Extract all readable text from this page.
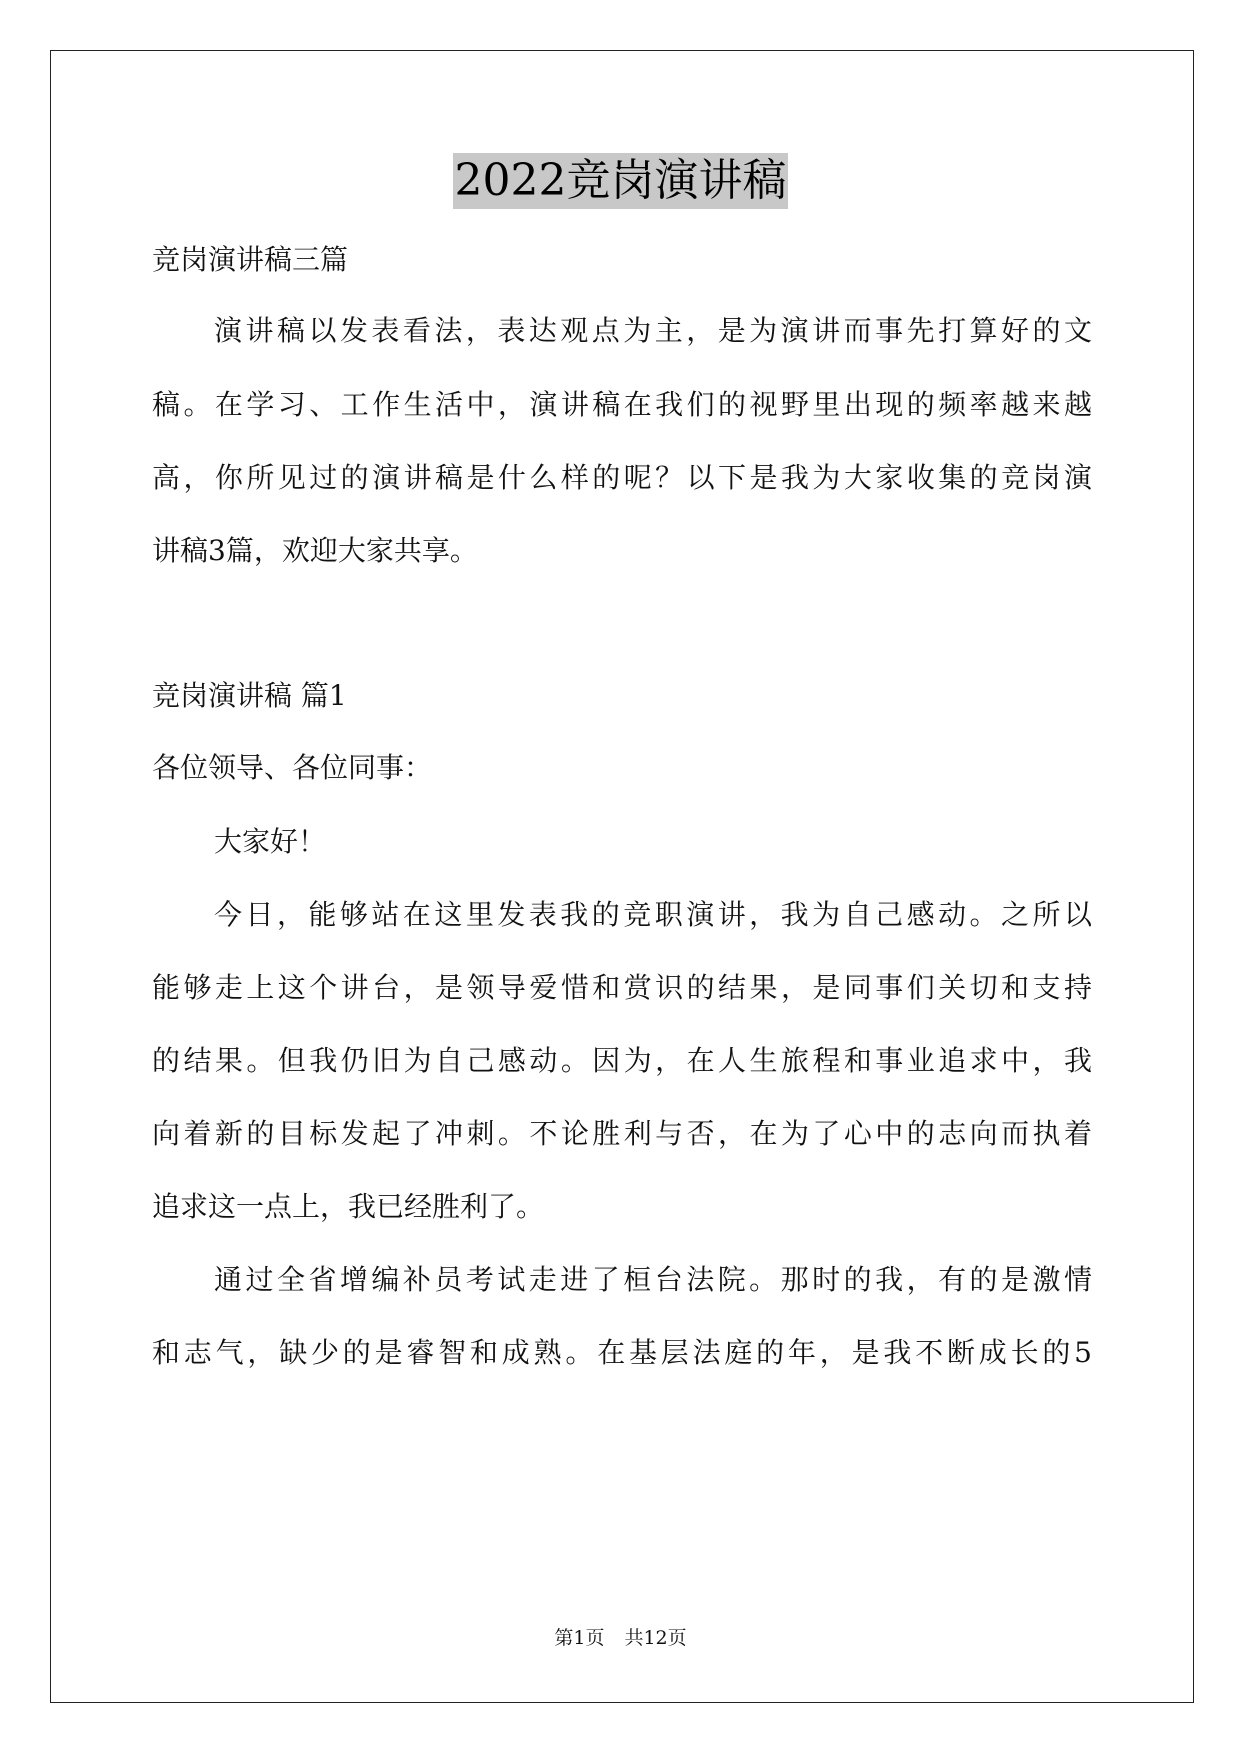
2022竞岗演讲稿

竞岗演讲稿三篇

演讲稿以发表看法，表达观点为主，是为演讲而事先打算好的文

稿。在学习、工作生活中，演讲稿在我们的视野里出现的频率越来越

高，你所见过的演讲稿是什么样的呢？以下是我为大家收集的竞岗演

讲稿3篇，欢迎大家共享。

竞岗演讲稿 篇1

各位领导、各位同事：

大家好！

今日，能够站在这里发表我的竞职演讲，我为自己感动。之所以

能够走上这个讲台，是领导爱惜和赏识的结果，是同事们关切和支持

的结果。但我仍旧为自己感动。因为，在人生旅程和事业追求中，我

向着新的目标发起了冲刺。不论胜利与否，在为了心中的志向而执着

追求这一点上，我已经胜利了。

通过全省增编补员考试走进了桓台法院。那时的我，有的是激情

和志气，缺少的是睿智和成熟。在基层法庭的年，是我不断成长的5

第1页 共12页
